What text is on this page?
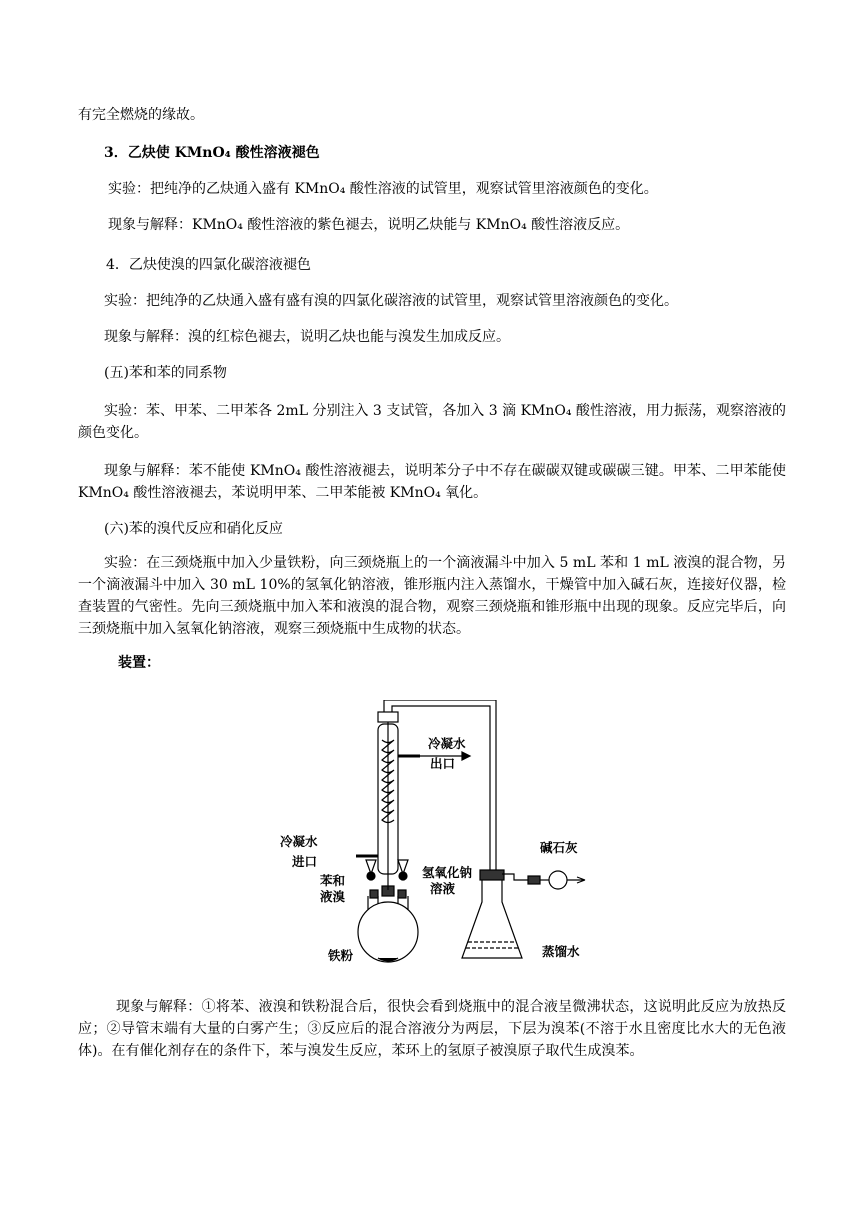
有完全燃烧的缘故。
3．乙炔使 KMnO₄ 酸性溶液褪色
实验：把纯净的乙炔通入盛有 KMnO₄ 酸性溶液的试管里，观察试管里溶液颜色的变化。
现象与解释：KMnO₄ 酸性溶液的紫色褪去，说明乙炔能与 KMnO₄ 酸性溶液反应。
4．乙炔使溴的四氯化碳溶液褪色
实验：把纯净的乙炔通入盛有盛有溴的四氯化碳溶液的试管里，观察试管里溶液颜色的变化。
现象与解释：溴的红棕色褪去，说明乙炔也能与溴发生加成反应。
(五)苯和苯的同系物
实验：苯、甲苯、二甲苯各 2mL 分别注入 3 支试管，各加入 3 滴 KMnO₄ 酸性溶液，用力振荡，观察溶液的颜色变化。
现象与解释：苯不能使 KMnO₄ 酸性溶液褪去，说明苯分子中不存在碳碳双键或碳碳三键。甲苯、二甲苯能使 KMnO₄ 酸性溶液褪去，苯说明甲苯、二甲苯能被 KMnO₄ 氧化。
(六)苯的溴代反应和硝化反应
实验：在三颈烧瓶中加入少量铁粉，向三颈烧瓶上的一个滴液漏斗中加入 5 mL 苯和 1 mL 液溴的混合物，另一个滴液漏斗中加入 30 mL 10%的氢氧化钠溶液，锥形瓶内注入蒸馏水，干燥管中加入碱石灰，连接好仪器，检查装置的气密性。先向三颈烧瓶中加入苯和液溴的混合物，观察三颈烧瓶和锥形瓶中出现的现象。反应完毕后，向三颈烧瓶中加入氢氧化钠溶液，观察三颈烧瓶中生成物的状态。
装置：
冷凝水
出口
冷凝水
进口
苯和
液溴
氢氧化钠
溶液
铁粉
碱石灰
蒸馏水
现象与解释：①将苯、液溴和铁粉混合后，很快会看到烧瓶中的混合液呈微沸状态，这说明此反应为放热反应；②导管末端有大量的白雾产生；③反应后的混合溶液分为两层，下层为溴苯(不溶于水且密度比水大的无色液体)。在有催化剂存在的条件下，苯与溴发生反应，苯环上的氢原子被溴原子取代生成溴苯。
